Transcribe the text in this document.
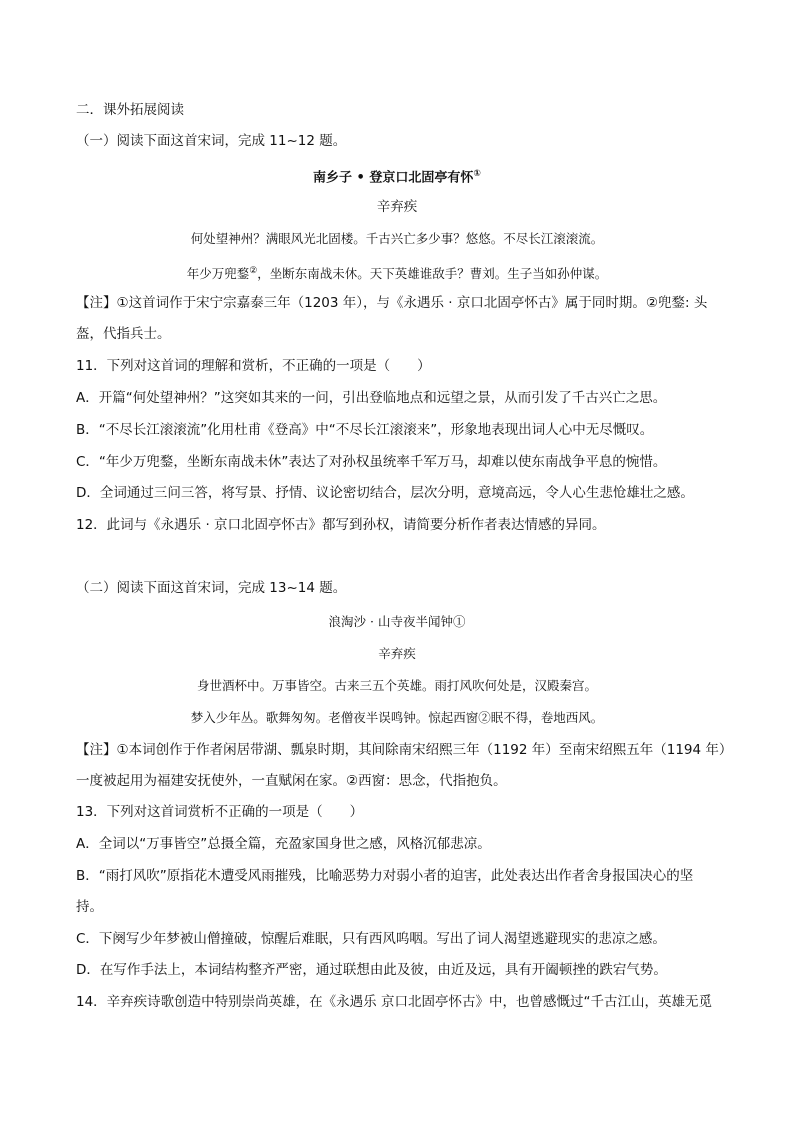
二．课外拓展阅读
（一）阅读下面这首宋词，完成 11~12 题。
南乡子 • 登京口北固亭有怀①
辛弃疾
何处望神州？满眼风光北固楼。千古兴亡多少事？悠悠。不尽长江滚滚流。
年少万兜鍪②，坐断东南战未休。天下英雄谁敌手？曹刘。生子当如孙仲谋。
【注】①这首词作于宋宁宗嘉泰三年（1203 年），与《永遇乐 · 京口北固亭怀古》属于同时期。②兜鍪: 头
盔，代指兵士。
11．下列对这首词的理解和赏析，不正确的一项是（　　）
A．开篇“何处望神州？”这突如其来的一问，引出登临地点和远望之景，从而引发了千古兴亡之思。
B．“不尽长江滚滚流”化用杜甫《登高》中“不尽长江滚滚来”，形象地表现出词人心中无尽慨叹。
C．“年少万兜鍪，坐断东南战未休”表达了对孙权虽统率千军万马，却难以使东南战争平息的惋惜。
D．全词通过三问三答，将写景、抒情、议论密切结合，层次分明，意境高远，令人心生悲怆雄壮之感。
12．此词与《永遇乐 · 京口北固亭怀古》都写到孙权，请简要分析作者表达情感的异同。
（二）阅读下面这首宋词，完成 13~14 题。
浪淘沙 · 山寺夜半闻钟①
辛弃疾
身世酒杯中。万事皆空。古来三五个英雄。雨打风吹何处是，汉殿秦宫。
梦入少年丛。歌舞匆匆。老僧夜半误鸣钟。惊起西窗②眠不得，卷地西风。
【注】①本词创作于作者闲居带湖、瓢泉时期，其间除南宋绍熙三年（1192 年）至南宋绍熙五年（1194 年）
一度被起用为福建安抚使外，一直赋闲在家。②西窗：思念，代指抱负。
13．下列对这首词赏析不正确的一项是（　　）
A．全词以“万事皆空”总摄全篇，充盈家国身世之感，风格沉郁悲凉。
B．“雨打风吹”原指花木遭受风雨摧残，比喻恶势力对弱小者的迫害，此处表达出作者舍身报国决心的坚
持。
C．下阕写少年梦被山僧撞破，惊醒后难眠，只有西风呜咽。写出了词人渴望逃避现实的悲凉之感。
D．在写作手法上，本词结构整齐严密，通过联想由此及彼，由近及远，具有开阖顿挫的跌宕气势。
14．辛弃疾诗歌创造中特别崇尚英雄，在《永遇乐 京口北固亭怀古》中，也曾感慨过“千古江山，英雄无觅
